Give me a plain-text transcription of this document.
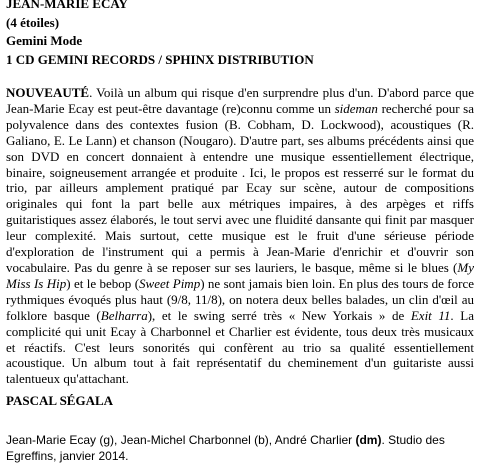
JEAN-MARIE ECAY

(4 étoiles)

Gemini Mode

1 CD GEMINI RECORDS / SPHINX DISTRIBUTION

NOUVEAUTÉ. Voilà un album qui risque d'en surprendre plus d'un. D'abord parce que Jean-Marie Ecay est peut-être davantage (re)connu comme un sideman recherché pour sa polyvalence dans des contextes fusion (B. Cobham, D. Lockwood), acoustiques (R. Galiano, E. Le Lann) et chanson (Nougaro). D'autre part, ses albums précédents ainsi que son DVD en concert donnaient à entendre une musique essentiellement électrique, binaire, soigneusement arrangée et produite . Ici, le propos est resserré sur le format du trio, par ailleurs amplement pratiqué par Ecay sur scène, autour de compositions originales qui font la part belle aux métriques impaires, à des arpèges et riffs guitaristiques assez élaborés, le tout servi avec une fluidité dansante qui finit par masquer leur complexité. Mais surtout, cette musique est le fruit d'une sérieuse période d'exploration de l'instrument qui a permis à Jean-Marie d'enrichir et d'ouvrir son vocabulaire. Pas du genre à se reposer sur ses lauriers, le basque, même si le blues (My Miss Is Hip) et le bebop (Sweet Pimp) ne sont jamais bien loin. En plus des tours de force rythmiques évoqués plus haut (9/8, 11/8), on notera deux belles balades, un clin d'œil au folklore basque (Belharra), et le swing serré très « New Yorkais » de Exit 11. La complicité qui unit Ecay à Charbonnel et Charlier est évidente, tous deux très musicaux et réactifs. C'est leurs sonorités qui confèrent au trio sa qualité essentiellement acoustique. Un album tout à fait représentatif du cheminement d'un guitariste aussi talentueux qu'attachant.

PASCAL SÉGALA

Jean-Marie Ecay (g), Jean-Michel Charbonnel (b), André Charlier (dm). Studio des Egreffins, janvier 2014.
